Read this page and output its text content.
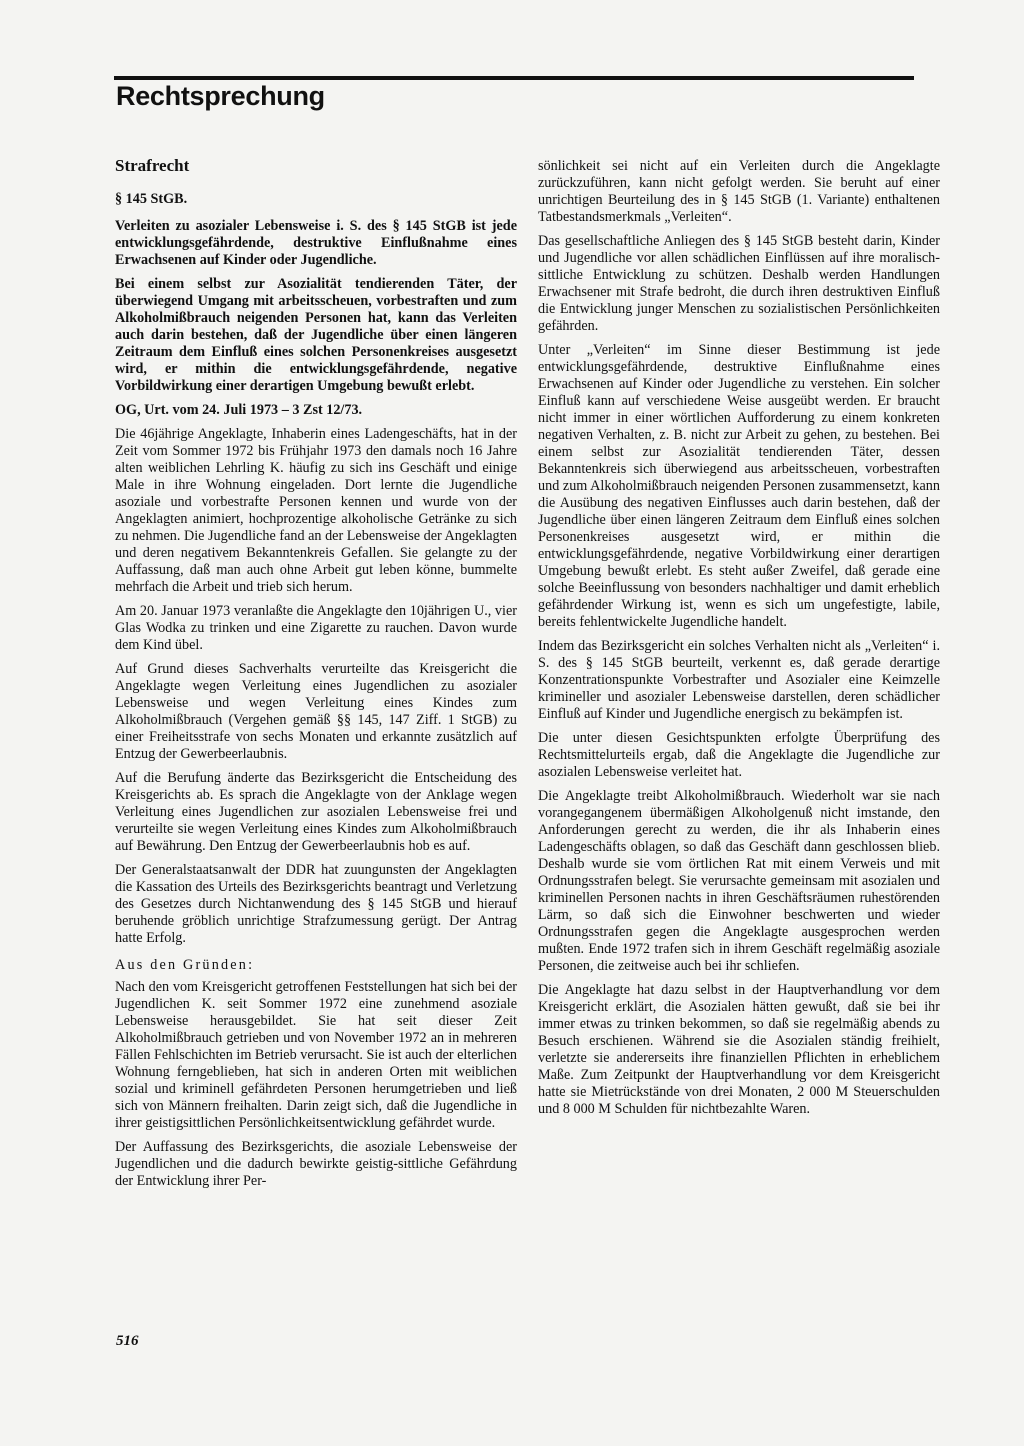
Rechtsprechung
Strafrecht
§ 145 StGB.

Verleiten zu asozialer Lebensweise i. S. des § 145 StGB ist jede entwicklungsgefährdende, destruktive Einflußnahme eines Erwachsenen auf Kinder oder Jugendliche.

Bei einem selbst zur Asozialität tendierenden Täter, der überwiegend Umgang mit arbeitsscheuen, vorbestraften und zum Alkoholmißbrauch neigenden Personen hat, kann das Verleiten auch darin bestehen, daß der Jugendliche über einen längeren Zeitraum dem Einfluß eines solchen Personenkreises ausgesetzt wird, er mithin die entwicklungsgefährdende, negative Vorbildwirkung einer derartigen Umgebung bewußt erlebt.

OG, Urt. vom 24. Juli 1973 – 3 Zst 12/73.

Die 46jährige Angeklagte, Inhaberin eines Ladengeschäfts, hat in der Zeit vom Sommer 1972 bis Frühjahr 1973 den damals noch 16 Jahre alten weiblichen Lehrling K. häufig zu sich ins Geschäft und einige Male in ihre Wohnung eingeladen. Dort lernte die Jugendliche asoziale und vorbestrafte Personen kennen und wurde von der Angeklagten animiert, hochprozentige alkoholische Getränke zu sich zu nehmen. Die Jugendliche fand an der Lebensweise der Angeklagten und deren negativem Bekanntenkreis Gefallen. Sie gelangte zu der Auffassung, daß man auch ohne Arbeit gut leben könne, bummelte mehrfach die Arbeit und trieb sich herum.

Am 20. Januar 1973 veranlaßte die Angeklagte den 10jährigen U., vier Glas Wodka zu trinken und eine Zigarette zu rauchen. Davon wurde dem Kind übel.

Auf Grund dieses Sachverhalts verurteilte das Kreisgericht die Angeklagte wegen Verleitung eines Jugendlichen zu asozialer Lebensweise und wegen Verleitung eines Kindes zum Alkoholmißbrauch (Vergehen gemäß §§ 145, 147 Ziff. 1 StGB) zu einer Freiheitsstrafe von sechs Monaten und erkannte zusätzlich auf Entzug der Gewerbeerlaubnis.

Auf die Berufung änderte das Bezirksgericht die Entscheidung des Kreisgerichts ab. Es sprach die Angeklagte von der Anklage wegen Verleitung eines Jugendlichen zur asozialen Lebensweise frei und verurteilte sie wegen Verleitung eines Kindes zum Alkoholmißbrauch auf Bewährung. Den Entzug der Gewerbeerlaubnis hob es auf.

Der Generalstaatsanwalt der DDR hat zuungunsten der Angeklagten die Kassation des Urteils des Bezirksgerichts beantragt und Verletzung des Gesetzes durch Nichtanwendung des § 145 StGB und hierauf beruhende gröblich unrichtige Strafzumessung gerügt. Der Antrag hatte Erfolg.

Aus den Gründen:

Nach den vom Kreisgericht getroffenen Feststellungen hat sich bei der Jugendlichen K. seit Sommer 1972 eine zunehmend asoziale Lebensweise herausgebildet. Sie hat seit dieser Zeit Alkoholmißbrauch getrieben und von November 1972 an in mehreren Fällen Fehlschichten im Betrieb verursacht. Sie ist auch der elterlichen Wohnung ferngeblieben, hat sich in anderen Orten mit weiblichen sozial und kriminell gefährdeten Personen herumgetrieben und ließ sich von Männern freihalten. Darin zeigt sich, daß die Jugendliche in ihrer geistigsittlichen Persönlichkeitsentwicklung gefährdet wurde.

Der Auffassung des Bezirksgerichts, die asoziale Lebensweise der Jugendlichen und die dadurch bewirkte geistig-sittliche Gefährdung der Entwicklung ihrer Per-

sönlichkeit sei nicht auf ein Verleiten durch die Angeklagte zurückzuführen, kann nicht gefolgt werden. Sie beruht auf einer unrichtigen Beurteilung des in § 145 StGB (1. Variante) enthaltenen Tatbestandsmerkmals „Verleiten“.

Das gesellschaftliche Anliegen des § 145 StGB besteht darin, Kinder und Jugendliche vor allen schädlichen Einflüssen auf ihre moralisch-sittliche Entwicklung zu schützen. Deshalb werden Handlungen Erwachsener mit Strafe bedroht, die durch ihren destruktiven Einfluß die Entwicklung junger Menschen zu sozialistischen Persönlichkeiten gefährden.

Unter „Verleiten“ im Sinne dieser Bestimmung ist jede entwicklungsgefährdende, destruktive Einflußnahme eines Erwachsenen auf Kinder oder Jugendliche zu verstehen. Ein solcher Einfluß kann auf verschiedene Weise ausgeübt werden. Er braucht nicht immer in einer wörtlichen Aufforderung zu einem konkreten negativen Verhalten, z. B. nicht zur Arbeit zu gehen, zu bestehen. Bei einem selbst zur Asozialität tendierenden Täter, dessen Bekanntenkreis sich überwiegend aus arbeitsscheuen, vorbestraften und zum Alkoholmißbrauch neigenden Personen zusammensetzt, kann die Ausübung des negativen Einflusses auch darin bestehen, daß der Jugendliche über einen längeren Zeitraum dem Einfluß eines solchen Personenkreises ausgesetzt wird, er mithin die entwicklungsgefährdende, negative Vorbildwirkung einer derartigen Umgebung bewußt erlebt. Es steht außer Zweifel, daß gerade eine solche Beeinflussung von besonders nachhaltiger und damit erheblich gefährdender Wirkung ist, wenn es sich um ungefestigte, labile, bereits fehlentwickelte Jugendliche handelt.

Indem das Bezirksgericht ein solches Verhalten nicht als „Verleiten“ i. S. des § 145 StGB beurteilt, verkennt es, daß gerade derartige Konzentrationspunkte Vorbestrafter und Asozialer eine Keimzelle krimineller und asozialer Lebensweise darstellen, deren schädlicher Einfluß auf Kinder und Jugendliche energisch zu bekämpfen ist.

Die unter diesen Gesichtspunkten erfolgte Überprüfung des Rechtsmittelurteils ergab, daß die Angeklagte die Jugendliche zur asozialen Lebensweise verleitet hat.

Die Angeklagte treibt Alkoholmißbrauch. Wiederholt war sie nach vorangegangenem übermäßigen Alkoholgenuß nicht imstande, den Anforderungen gerecht zu werden, die ihr als Inhaberin eines Ladengeschäfts oblagen, so daß das Geschäft dann geschlossen blieb. Deshalb wurde sie vom örtlichen Rat mit einem Verweis und mit Ordnungsstrafen belegt. Sie verursachte gemeinsam mit asozialen und kriminellen Personen nachts in ihren Geschäftsräumen ruhestörenden Lärm, so daß sich die Einwohner beschwerten und wieder Ordnungsstrafen gegen die Angeklagte ausgesprochen werden mußten. Ende 1972 trafen sich in ihrem Geschäft regelmäßig asoziale Personen, die zeitweise auch bei ihr schliefen.

Die Angeklagte hat dazu selbst in der Hauptverhandlung vor dem Kreisgericht erklärt, die Asozialen hätten gewußt, daß sie bei ihr immer etwas zu trinken bekommen, so daß sie regelmäßig abends zu Besuch erschienen. Während sie die Asozialen ständig freihielt, verletzte sie andererseits ihre finanziellen Pflichten in erheblichem Maße. Zum Zeitpunkt der Hauptverhandlung vor dem Kreisgericht hatte sie Mietrückstände von drei Monaten, 2 000 M Steuerschulden und 8 000 M Schulden für nichtbezahlte Waren.

516
